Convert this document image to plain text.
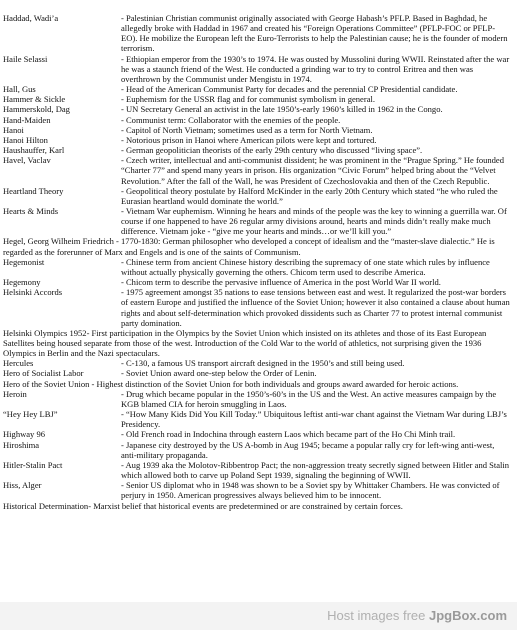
Haddad, Wadi’a	- Palestinian Christian communist originally associated with George Habash’s PFLP. Based in Baghdad, he allegedly broke with Haddad in 1967 and created his “Foreign Operations Committee” (PFLP-FOC or PFLP-EO). He mobilize the European left the Euro-Terrorists to help the Palestinian cause; he is the founder of modern terrorism.
Haile Selassi	- Ethiopian emperor from the 1930’s to 1974. He was ousted by Mussolini during WWII. Reinstated after the war he was a staunch friend of the West. He conducted a grinding war to try to control Eritrea and then was overthrown by the Communist under Mengistu in 1974.
Hall, Gus	- Head of the American Communist Party for decades and the perennial CP Presidential candidate.
Hammer & Sickle	- Euphemism for the USSR flag and for communist symbolism in general.
Hammerskold, Dag	- UN Secretary General an activist in the late 1950’s-early 1960’s killed in 1962 in the Congo.
Hand-Maiden	- Communist term: Collaborator with the enemies of the people.
Hanoi	- Capitol of North Vietnam; sometimes used as a term for North Vietnam.
Hanoi Hilton	- Notorious prison in Hanoi where American pilots were kept and tortured.
Haushauffer, Karl	- German geopolitician theorists of the early 29th century who discussed “living space”.
Havel, Vaclav	- Czech writer, intellectual and anti-communist dissident; he was prominent in the “Prague Spring.” He founded “Charter 77” and spend many years in prison. His organization “Civic Forum” helped bring about the “Velvet Revolution.” After the fall of the Wall, he was President of Czechoslovakia and then of the Czech Republic.
Heartland Theory	- Geopolitical theory postulate by Halford McKinder in the early 20th Century which stated “he who ruled the Eurasian heartland would dominate the world.”
Hearts & Minds	- Vietnam War euphemism. Winning he hears and minds of the people was the key to winning a guerrilla war. Of course if one happened to have 26 regular army divisions around, hearts and minds didn’t really make much difference. Vietnam joke - “give me your hearts and minds…or we’ll kill you.”
Hegel, Georg Wilheim Friedrich - 1770-1830: German philosopher who developed a concept of idealism and the “master-slave dialectic.” He is regarded as the forerunner of Marx and Engels and is one of the saints of Communism.
Hegemonist	- Chinese term from ancient Chinese history describing the supremacy of one state which rules by influence without actually physically governing the others. Chicom term used to describe America.
Hegemony	- Chicom term to describe the pervasive influence of America in the post World War II world.
Helsinki Accords	- 1975 agreement amongst 35 nations to ease tensions between east and west. It regularized the post-war borders of eastern Europe and justified the influence of the Soviet Union; however it also contained a clause about human rights and about self-determination which provoked dissidents such as Charter 77 to protest internal communist party domination.
Helsinki Olympics 1952- First participation in the Olympics by the Soviet Union which insisted on its athletes and those of its East European Satellites being housed separate from those of the west. Introduction of the Cold War to the world of athletics, not surprising given the 1936 Olympics in Berlin and the Nazi spectaculars.
Hercules	- C-130, a famous US transport aircraft designed in the 1950’s and still being used.
Hero of Socialist Labor	- Soviet Union award one-step below the Order of Lenin.
Hero of the Soviet Union - Highest distinction of the Soviet Union for both individuals and groups award awarded for heroic actions.
Heroin	- Drug which became popular in the 1950’s-60’s in the US and the West. An active measures campaign by the KGB blamed CIA for heroin smuggling in Laos.
“Hey Hey LBJ”	- “How Many Kids Did You Kill Today.” Ubiquitous leftist anti-war chant against the Vietnam War during LBJ’s Presidency.
Highway 96	- Old French road in Indochina through eastern Laos which became part of the Ho Chi Minh trail.
Hiroshima	- Japanese city destroyed by the US A-bomb in Aug 1945; became a popular rally cry for left-wing anti-west, anti-military propaganda.
Hitler-Stalin Pact	- Aug 1939 aka the Molotov-Ribbentrop Pact; the non-aggression treaty secretly signed between Hitler and Stalin which allowed both to carve up Poland Sept 1939, signaling the beginning of WWII.
Hiss, Alger	- Senior US diplomat who in 1948 was shown to be a Soviet spy by Whittaker Chambers. He was convicted of perjury in 1950. American progressives always believed him to be innocent.
Historical Determination- Marxist belief that historical events are predetermined or are constrained by certain forces.
Host images free JpgBox.com
